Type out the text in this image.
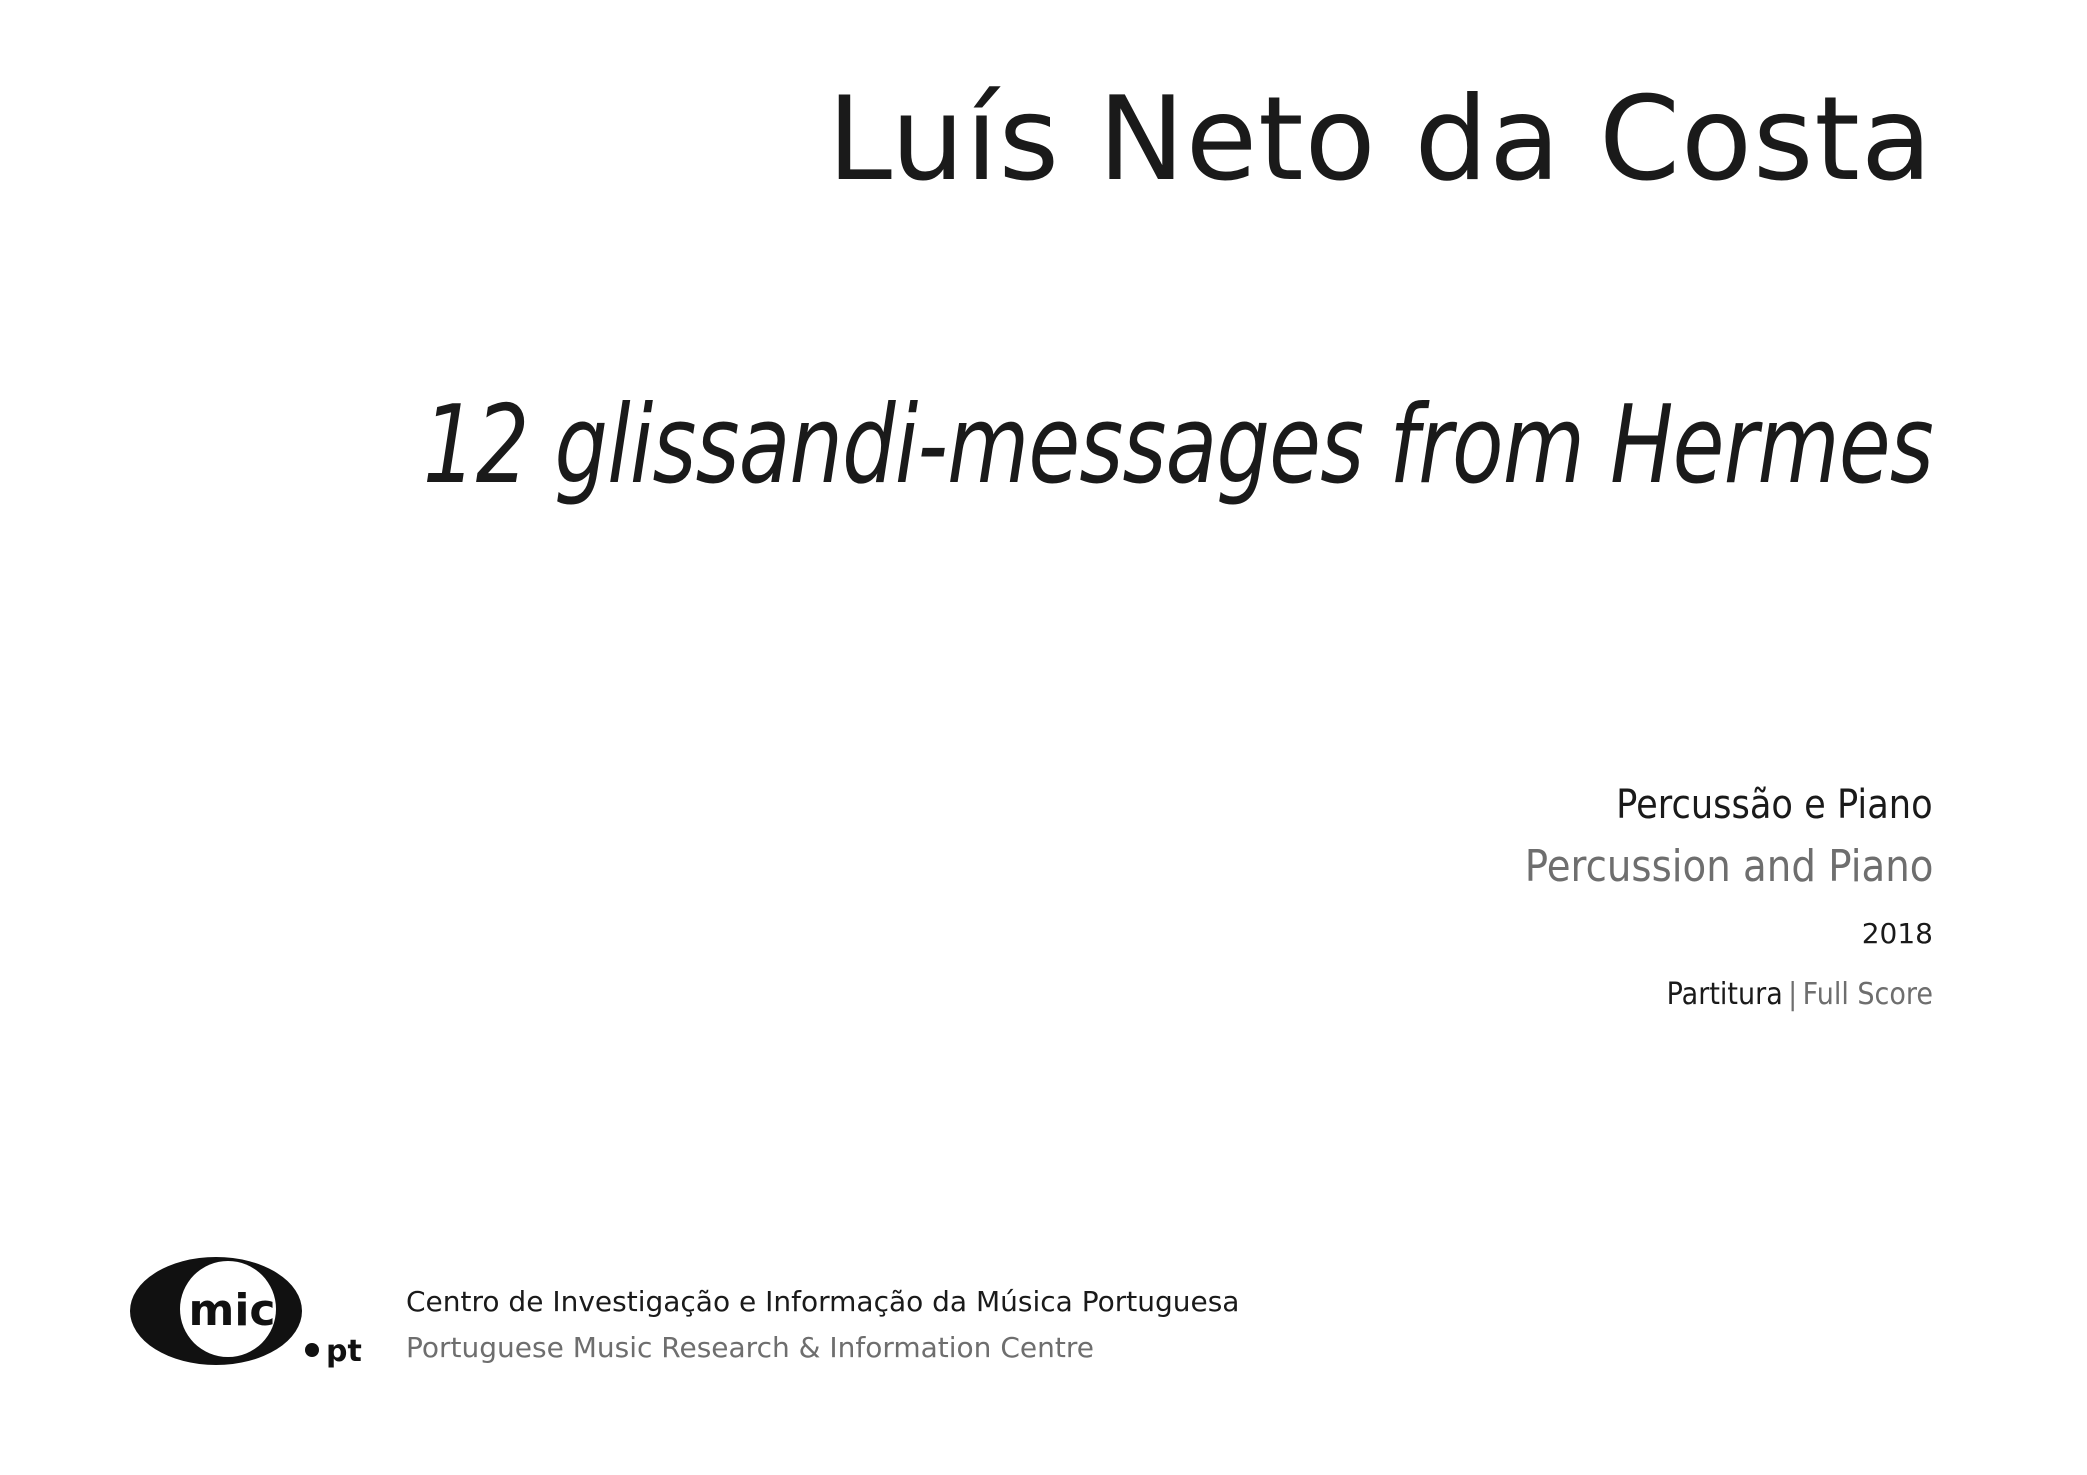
Luís Neto da Costa
12 glissandi-messages from Hermes
Percussão e Piano
Percussion and Piano
2018
Partitura | Full Score
mic
pt
Centro de Investigação e Informação da Música Portuguesa
Portuguese Music Research & Information Centre
